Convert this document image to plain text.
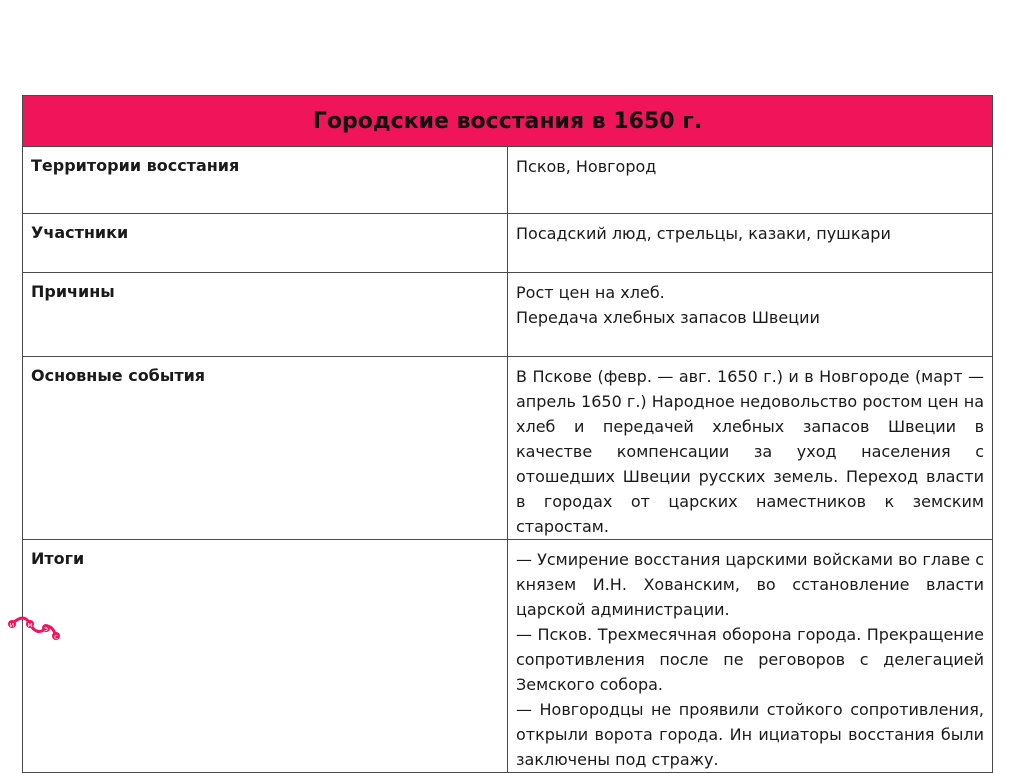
Городские восстания в 1650 г.	
Территории восстания	Псков, Новгород

Участники	Посадский люд, стрельцы, казаки, пушкари

Причины	Рост цен на хлеб.
Передача хлебных запасов Швеции

Основные события	В Пскове (февр. — авг. 1650 г.) и в Новгороде (март — апрель 1650 г.) Народное недовольство ростом цен на хлеб и передачей хлебных запасов Швеции в качестве компенсации за уход населения с отошедших Швеции русских земель. Переход власти в городах от царских наместников к земским старостам.
Итоги	— Усмирение восстания царскими войсками во главе с князем И.Н. Хованским, во сстановление власти царской администрации.
— Псков. Трехмесячная оборона города. Прекращение сопротивления после пе реговоров с делегацией Земского собора.
— Новгородцы не проявили стойкого сопротивления, открыли ворота города. Ин ициаторы восстания были заключены под стражу.
и м э
с
